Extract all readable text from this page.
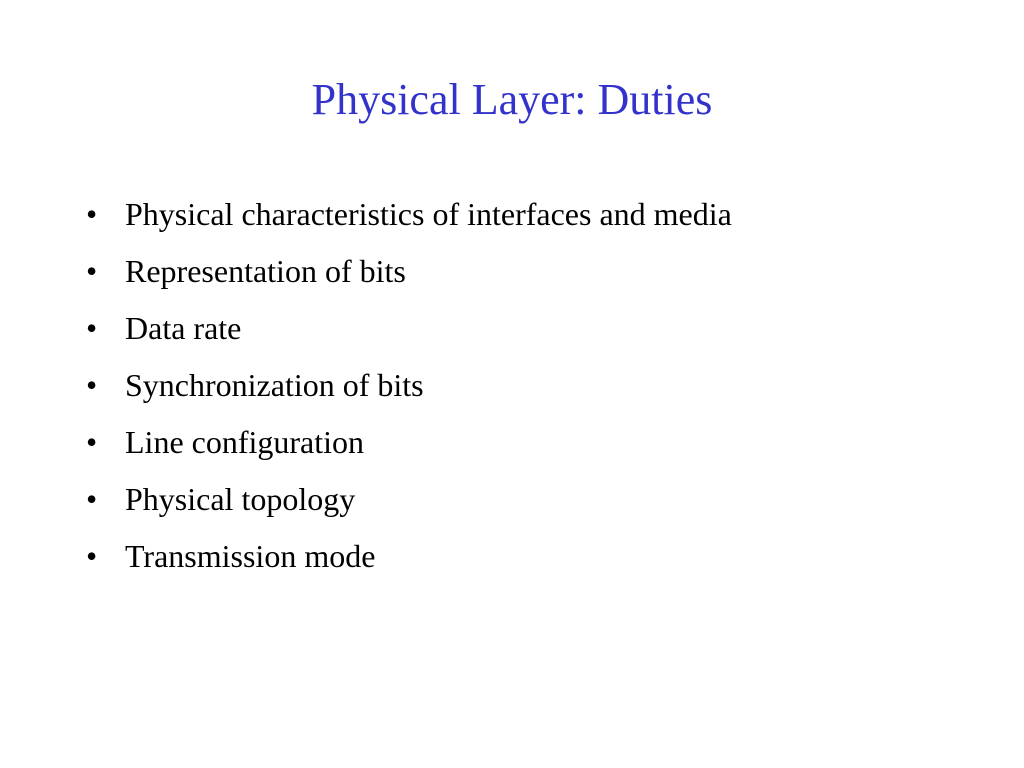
Physical Layer: Duties
• Physical characteristics of interfaces and media
• Representation of bits
• Data rate
• Synchronization of bits
• Line configuration
• Physical topology
• Transmission mode
